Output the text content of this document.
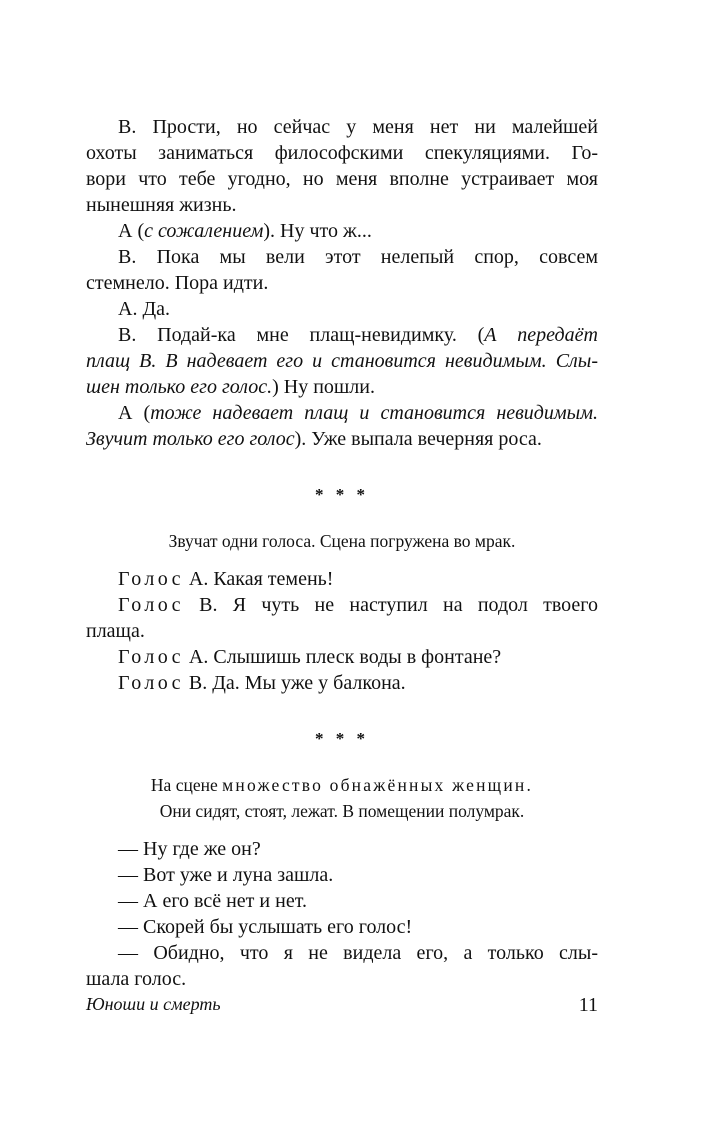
В. Прости, но сейчас у меня нет ни малейшей

охоты заниматься философскими спекуляциями. Го-

вори что тебе угодно, но меня вполне устраивает моя

нынешняя жизнь.

А (с сожалением). Ну что ж...

В. Пока мы вели этот нелепый спор, совсем

стемнело. Пора идти.

А. Да.

В. Подай-ка мне плащ-невидимку. (А передаёт

плащ В. В надевает его и становится невидимым. Слы-

шен только его голос.) Ну пошли.

А (тоже надевает плащ и становится невидимым.

Звучит только его голос). Уже выпала вечерняя роса.

* * *

Звучат одни голоса. Сцена погружена во мрак.

Голос А. Какая темень!

Голос В. Я чуть не наступил на подол твоего

плаща.

Голос А. Слышишь плеск воды в фонтане?

Голос В. Да. Мы уже у балкона.

* * *

На сцене множество обнажённых женщин.

Они сидят, стоят, лежат. В помещении полумрак.

— Ну где же он?

— Вот уже и луна зашла.

— А его всё нет и нет.

— Скорей бы услышать его голос!

— Обидно, что я не видела его, а только слы-

шала голос.

Юноши и смерть	11
